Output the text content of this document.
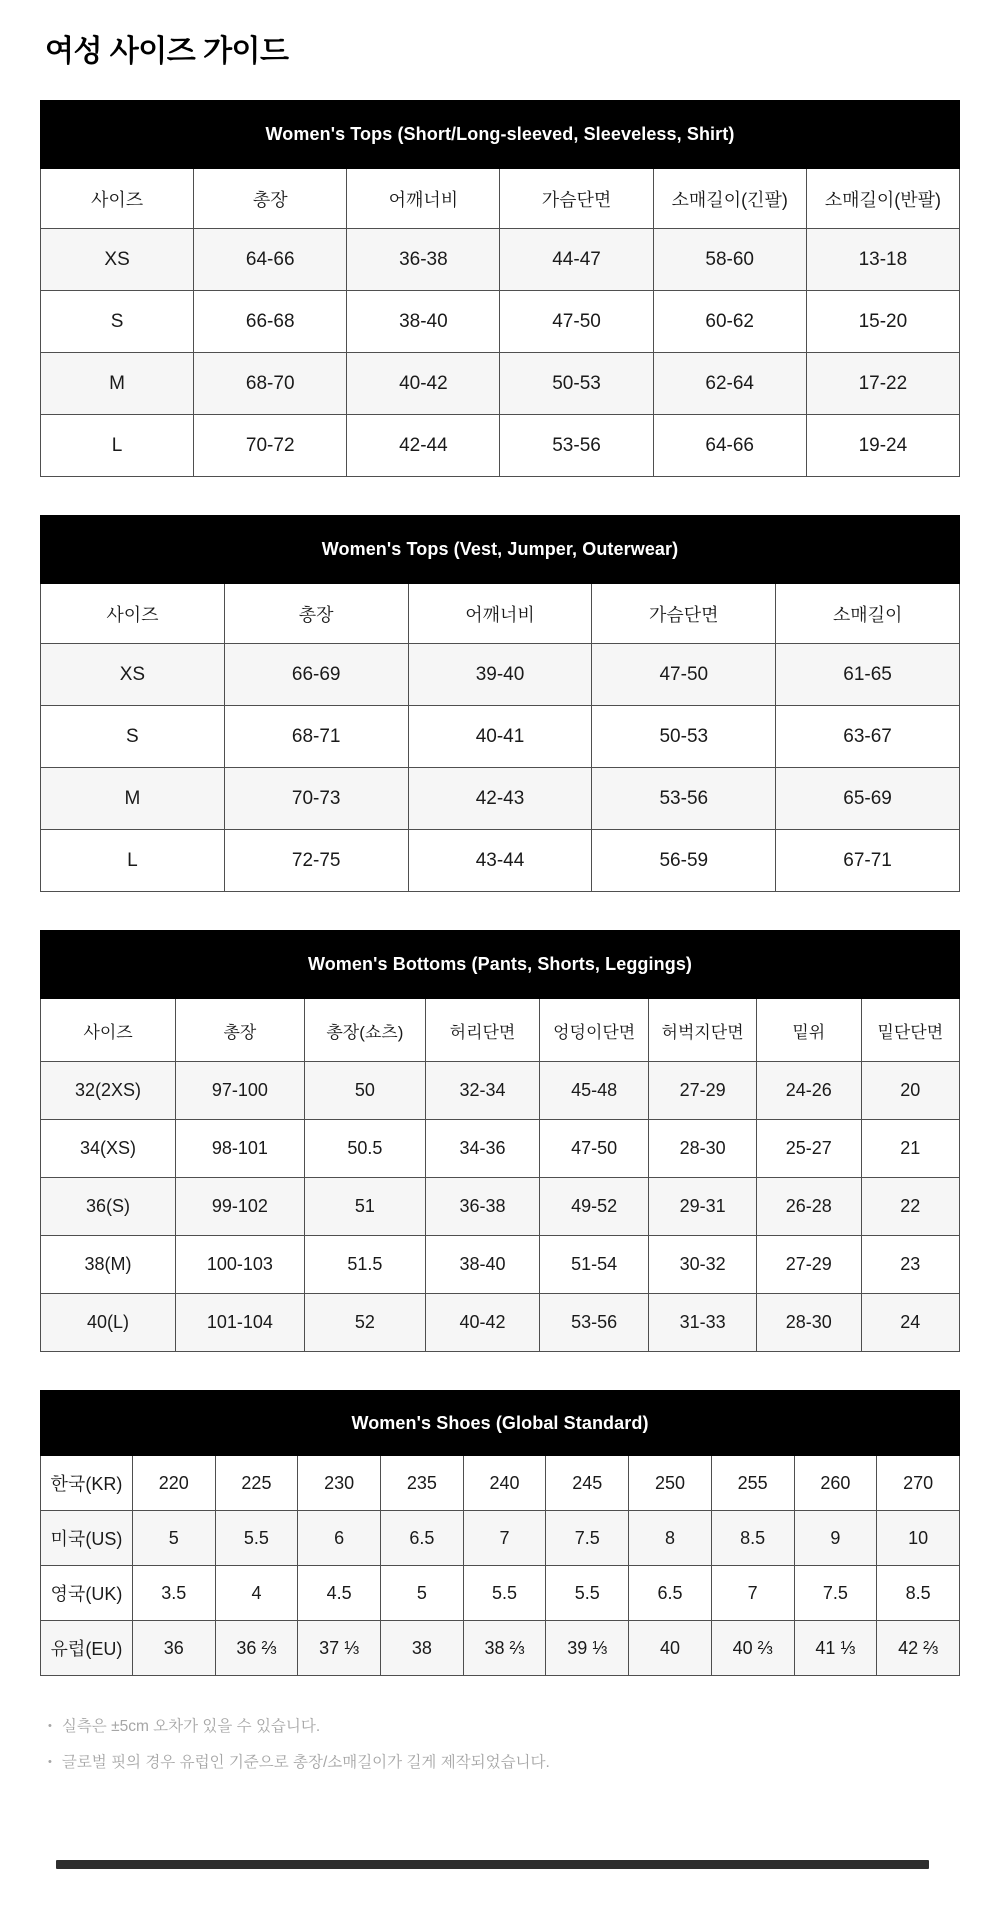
여성 사이즈 가이드
Women's Tops (Short/Long-sleeved, Sleeveless, Shirt)					
사이즈	총장	어깨너비	가슴단면	소매길이(긴팔)	소매길이(반팔)
XS	64-66	36-38	44-47	58-60	13-18
S	66-68	38-40	47-50	60-62	15-20
M	68-70	40-42	50-53	62-64	17-22
L	70-72	42-44	53-56	64-66	19-24
Women's Tops (Vest, Jumper, Outerwear)				
사이즈	총장	어깨너비	가슴단면	소매길이
XS	66-69	39-40	47-50	61-65
S	68-71	40-41	50-53	63-67
M	70-73	42-43	53-56	65-69
L	72-75	43-44	56-59	67-71
Women's Bottoms (Pants, Shorts, Leggings)							
사이즈	총장	총장(쇼츠)	허리단면	엉덩이단면	허벅지단면	밑위	밑단단면
32(2XS)	97-100	50	32-34	45-48	27-29	24-26	20
34(XS)	98-101	50.5	34-36	47-50	28-30	25-27	21
36(S)	99-102	51	36-38	49-52	29-31	26-28	22
38(M)	100-103	51.5	38-40	51-54	30-32	27-29	23
40(L)	101-104	52	40-42	53-56	31-33	28-30	24
Women's Shoes (Global Standard)										
한국(KR)	220	225	230	235	240	245	250	255	260	270
미국(US)	5	5.5	6	6.5	7	7.5	8	8.5	9	10
영국(UK)	3.5	4	4.5	5	5.5	5.5	6.5	7	7.5	8.5
유럽(EU)	36	36 ⅔	37 ⅓	38	38 ⅔	39 ⅓	40	40 ⅔	41 ⅓	42 ⅔
• 실측은 ±5cm 오차가 있을 수 있습니다.
• 글로벌 핏의 경우 유럽인 기준으로 총장/소매길이가 길게 제작되었습니다.
